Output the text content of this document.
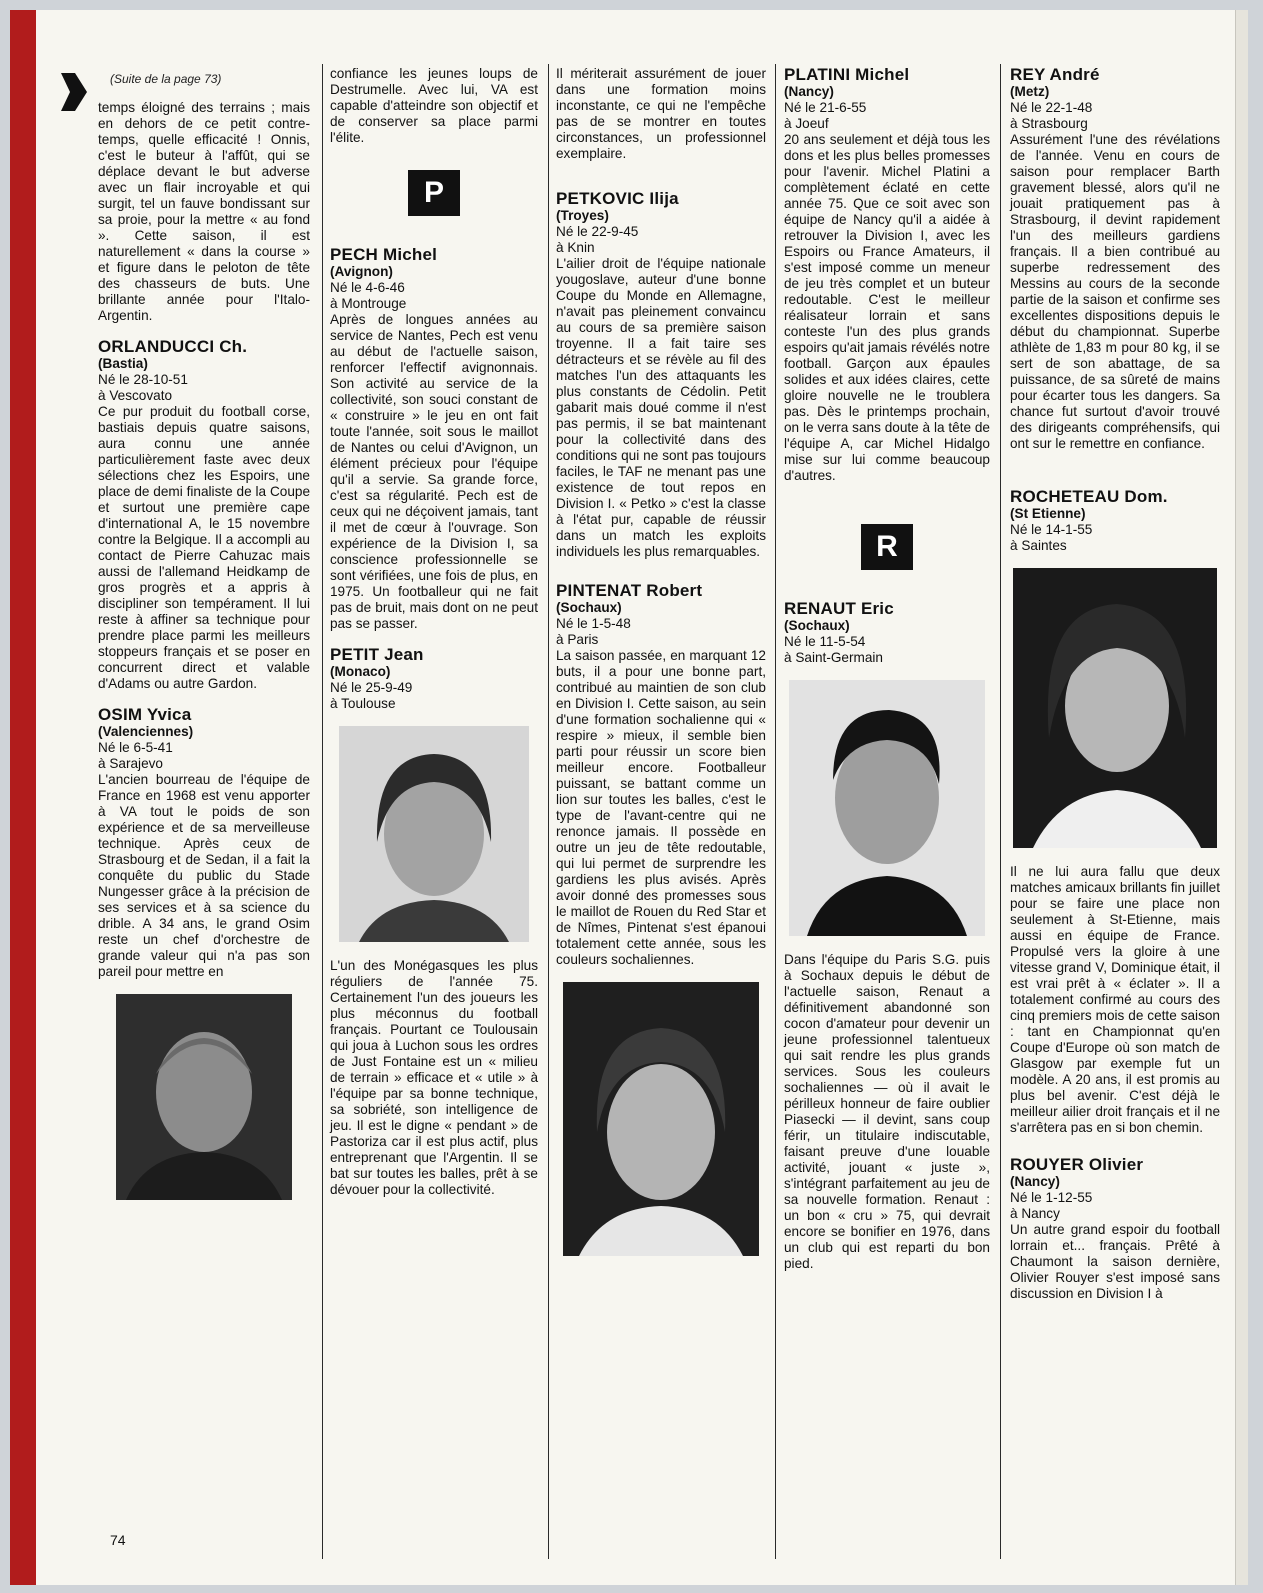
(Suite de la page 73)

temps éloigné des terrains ; mais en dehors de ce petit contre-temps, quelle efficacité ! Onnis, c'est le buteur à l'affût, qui se déplace devant le but adverse avec un flair incroyable et qui surgit, tel un fauve bondissant sur sa proie, pour la mettre « au fond ». Cette saison, il est naturellement « dans la course » et figure dans le peloton de tête des chasseurs de buts. Une brillante année pour l'Italo-Argentin.

ORLANDUCCI Ch.

(Bastia)

Né le 28-10-51

à Vescovato

Ce pur produit du football corse, bastiais depuis quatre saisons, aura connu une année particulièrement faste avec deux sélections chez les Espoirs, une place de demi finaliste de la Coupe et surtout une première cape d'international A, le 15 novembre contre la Belgique. Il a accompli au contact de Pierre Cahuzac mais aussi de l'allemand Heidkamp de gros progrès et a appris à discipliner son tempérament. Il lui reste à affiner sa technique pour prendre place parmi les meilleurs stoppeurs français et se poser en concurrent direct et valable d'Adams ou autre Gardon.

OSIM Yvica

(Valenciennes)

Né le 6-5-41

à Sarajevo

L'ancien bourreau de l'équipe de France en 1968 est venu apporter à VA tout le poids de son expérience et de sa merveilleuse technique. Après ceux de Strasbourg et de Sedan, il a fait la conquête du public du Stade Nungesser grâce à la précision de ses services et à sa science du drible. A 34 ans, le grand Osim reste un chef d'orchestre de grande valeur qui n'a pas son pareil pour mettre en

confiance les jeunes loups de Destrumelle. Avec lui, VA est capable d'atteindre son objectif et de conserver sa place parmi l'élite.

P

PECH Michel

(Avignon)

Né le 4-6-46

à Montrouge

Après de longues années au service de Nantes, Pech est venu au début de l'actuelle saison, renforcer l'effectif avignonnais. Son activité au service de la collectivité, son souci constant de « construire » le jeu en ont fait toute l'année, soit sous le maillot de Nantes ou celui d'Avignon, un élément précieux pour l'équipe qu'il a servie. Sa grande force, c'est sa régularité. Pech est de ceux qui ne déçoivent jamais, tant il met de cœur à l'ouvrage. Son expérience de la Division I, sa conscience professionnelle se sont vérifiées, une fois de plus, en 1975. Un footballeur qui ne fait pas de bruit, mais dont on ne peut pas se passer.

PETIT Jean

(Monaco)

Né le 25-9-49

à Toulouse

L'un des Monégasques les plus réguliers de l'année 75. Certainement l'un des joueurs les plus méconnus du football français. Pourtant ce Toulousain qui joua à Luchon sous les ordres de Just Fontaine est un « milieu de terrain » efficace et « utile » à l'équipe par sa bonne technique, sa sobriété, son intelligence de jeu. Il est le digne « pendant » de Pastoriza car il est plus actif, plus entreprenant que l'Argentin. Il se bat sur toutes les balles, prêt à se dévouer pour la collectivité.

Il mériterait assurément de jouer dans une formation moins inconstante, ce qui ne l'empêche pas de se montrer en toutes circonstances, un professionnel exemplaire.

PETKOVIC Ilija

(Troyes)

Né le 22-9-45

à Knin

L'ailier droit de l'équipe nationale yougoslave, auteur d'une bonne Coupe du Monde en Allemagne, n'avait pas pleinement convaincu au cours de sa première saison troyenne. Il a fait taire ses détracteurs et se révèle au fil des matches l'un des attaquants les plus constants de Cédolin. Petit gabarit mais doué comme il n'est pas permis, il se bat maintenant pour la collectivité dans des conditions qui ne sont pas toujours faciles, le TAF ne menant pas une existence de tout repos en Division I. « Petko » c'est la classe à l'état pur, capable de réussir dans un match les exploits individuels les plus remarquables.

PINTENAT Robert

(Sochaux)

Né le 1-5-48

à Paris

La saison passée, en marquant 12 buts, il a pour une bonne part, contribué au maintien de son club en Division I. Cette saison, au sein d'une formation sochalienne qui « respire » mieux, il semble bien parti pour réussir un score bien meilleur encore. Footballeur puissant, se battant comme un lion sur toutes les balles, c'est le type de l'avant-centre qui ne renonce jamais. Il possède en outre un jeu de tête redoutable, qui lui permet de surprendre les gardiens les plus avisés. Après avoir donné des promesses sous le maillot de Rouen du Red Star et de Nîmes, Pintenat s'est épanoui totalement cette année, sous les couleurs sochaliennes.

PLATINI Michel

(Nancy)

Né le 21-6-55

à Joeuf

20 ans seulement et déjà tous les dons et les plus belles promesses pour l'avenir. Michel Platini a complètement éclaté en cette année 75. Que ce soit avec son équipe de Nancy qu'il a aidée à retrouver la Division I, avec les Espoirs ou France Amateurs, il s'est imposé comme un meneur de jeu très complet et un buteur redoutable. C'est le meilleur réalisateur lorrain et sans conteste l'un des plus grands espoirs qu'ait jamais révélés notre football. Garçon aux épaules solides et aux idées claires, cette gloire nouvelle ne le troublera pas. Dès le printemps prochain, on le verra sans doute à la tête de l'équipe A, car Michel Hidalgo mise sur lui comme beaucoup d'autres.

R

RENAUT Eric

(Sochaux)

Né le 11-5-54

à Saint-Germain

Dans l'équipe du Paris S.G. puis à Sochaux depuis le début de l'actuelle saison, Renaut a définitivement abandonné son cocon d'amateur pour devenir un jeune professionnel talentueux qui sait rendre les plus grands services. Sous les couleurs sochaliennes — où il avait le périlleux honneur de faire oublier Piasecki — il devint, sans coup férir, un titulaire indiscutable, faisant preuve d'une louable activité, jouant « juste », s'intégrant parfaitement au jeu de sa nouvelle formation. Renaut : un bon « cru » 75, qui devrait encore se bonifier en 1976, dans un club qui est reparti du bon pied.

REY André

(Metz)

Né le 22-1-48

à Strasbourg

Assurément l'une des révélations de l'année. Venu en cours de saison pour remplacer Barth gravement blessé, alors qu'il ne jouait pratiquement pas à Strasbourg, il devint rapidement l'un des meilleurs gardiens français. Il a bien contribué au superbe redressement des Messins au cours de la seconde partie de la saison et confirme ses excellentes dispositions depuis le début du championnat. Superbe athlète de 1,83 m pour 80 kg, il se sert de son abattage, de sa puissance, de sa sûreté de mains pour écarter tous les dangers. Sa chance fut surtout d'avoir trouvé des dirigeants compréhensifs, qui ont sur le remettre en confiance.

ROCHETEAU Dom.

(St Etienne)

Né le 14-1-55

à Saintes

Il ne lui aura fallu que deux matches amicaux brillants fin juillet pour se faire une place non seulement à St-Etienne, mais aussi en équipe de France. Propulsé vers la gloire à une vitesse grand V, Dominique était, il est vrai prêt à « éclater ». Il a totalement confirmé au cours des cinq premiers mois de cette saison : tant en Championnat qu'en Coupe d'Europe où son match de Glasgow par exemple fut un modèle. A 20 ans, il est promis au plus bel avenir. C'est déjà le meilleur ailier droit français et il ne s'arrêtera pas en si bon chemin.

ROUYER Olivier

(Nancy)

Né le 1-12-55

à Nancy

Un autre grand espoir du football lorrain et... français. Prêté à Chaumont la saison dernière, Olivier Rouyer s'est imposé sans discussion en Division I à

74
